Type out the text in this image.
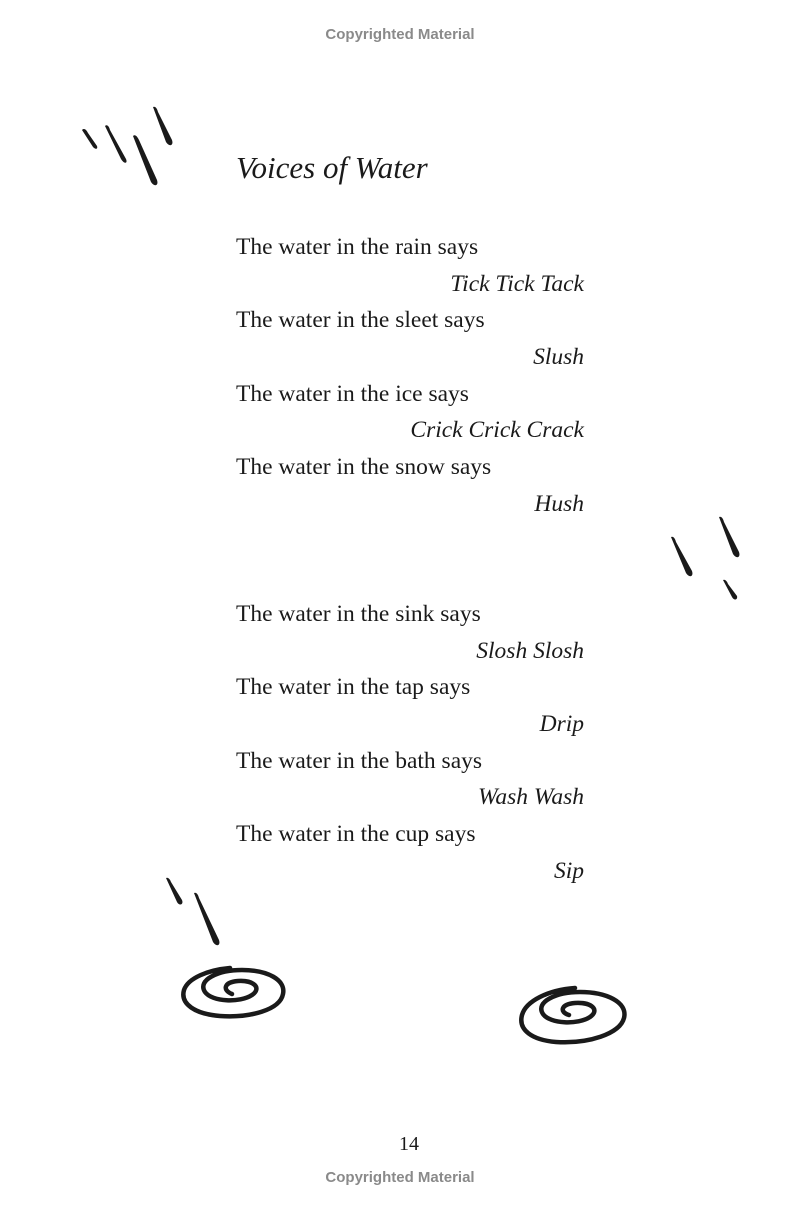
Copyrighted Material
Voices of Water
The water in the rain says
Tick Tick Tack
The water in the sleet says
Slush
The water in the ice says
Crick Crick Crack
The water in the snow says
Hush
The water in the sink says
Slosh Slosh
The water in the tap says
Drip
The water in the bath says
Wash Wash
The water in the cup says
Sip
14
Copyrighted Material
